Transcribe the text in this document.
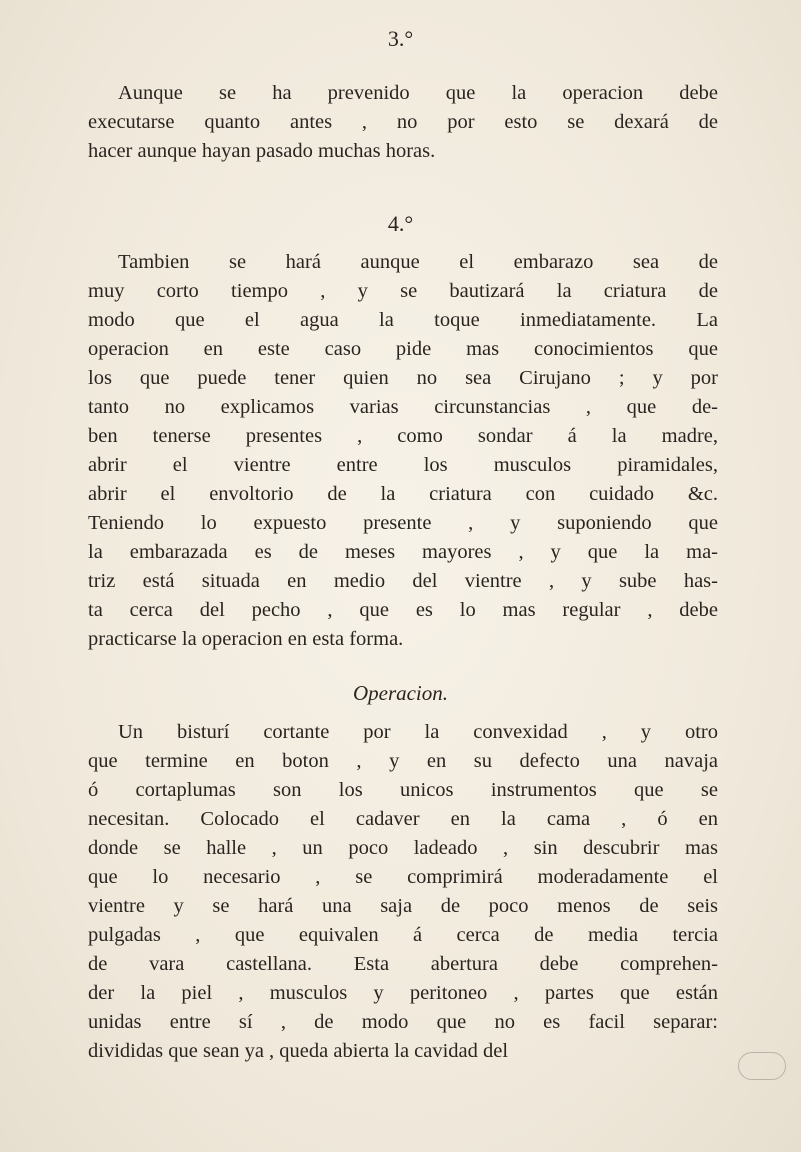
3.°
Aunque se ha prevenido que la operacion debe
executarse quanto antes , no por esto se dexará de
hacer aunque hayan pasado muchas horas.
4.°
Tambien se hará aunque el embarazo sea de
muy corto tiempo , y se bautizará la criatura de
modo que el agua la toque inmediatamente. La
operacion en este caso pide mas conocimientos que
los que puede tener quien no sea Cirujano ; y por
tanto no explicamos varias circunstancias , que de-
ben tenerse presentes , como sondar á la madre,
abrir el vientre entre los musculos piramidales,
abrir el envoltorio de la criatura con cuidado &c.
Teniendo lo expuesto presente , y suponiendo que
la embarazada es de meses mayores , y que la ma-
triz está situada en medio del vientre , y sube has-
ta cerca del pecho , que es lo mas regular , debe
practicarse la operacion en esta forma.
Operacion.
Un bisturí cortante por la convexidad , y otro
que termine en boton , y en su defecto una navaja
ó cortaplumas son los unicos instrumentos que se
necesitan. Colocado el cadaver en la cama , ó en
donde se halle , un poco ladeado , sin descubrir mas
que lo necesario , se comprimirá moderadamente el
vientre y se hará una saja de poco menos de seis
pulgadas , que equivalen á cerca de media tercia
de vara castellana. Esta abertura debe comprehen-
der la piel , musculos y peritoneo , partes que están
unidas entre sí , de modo que no es facil separar:
divididas que sean ya , queda abierta la cavidad del
